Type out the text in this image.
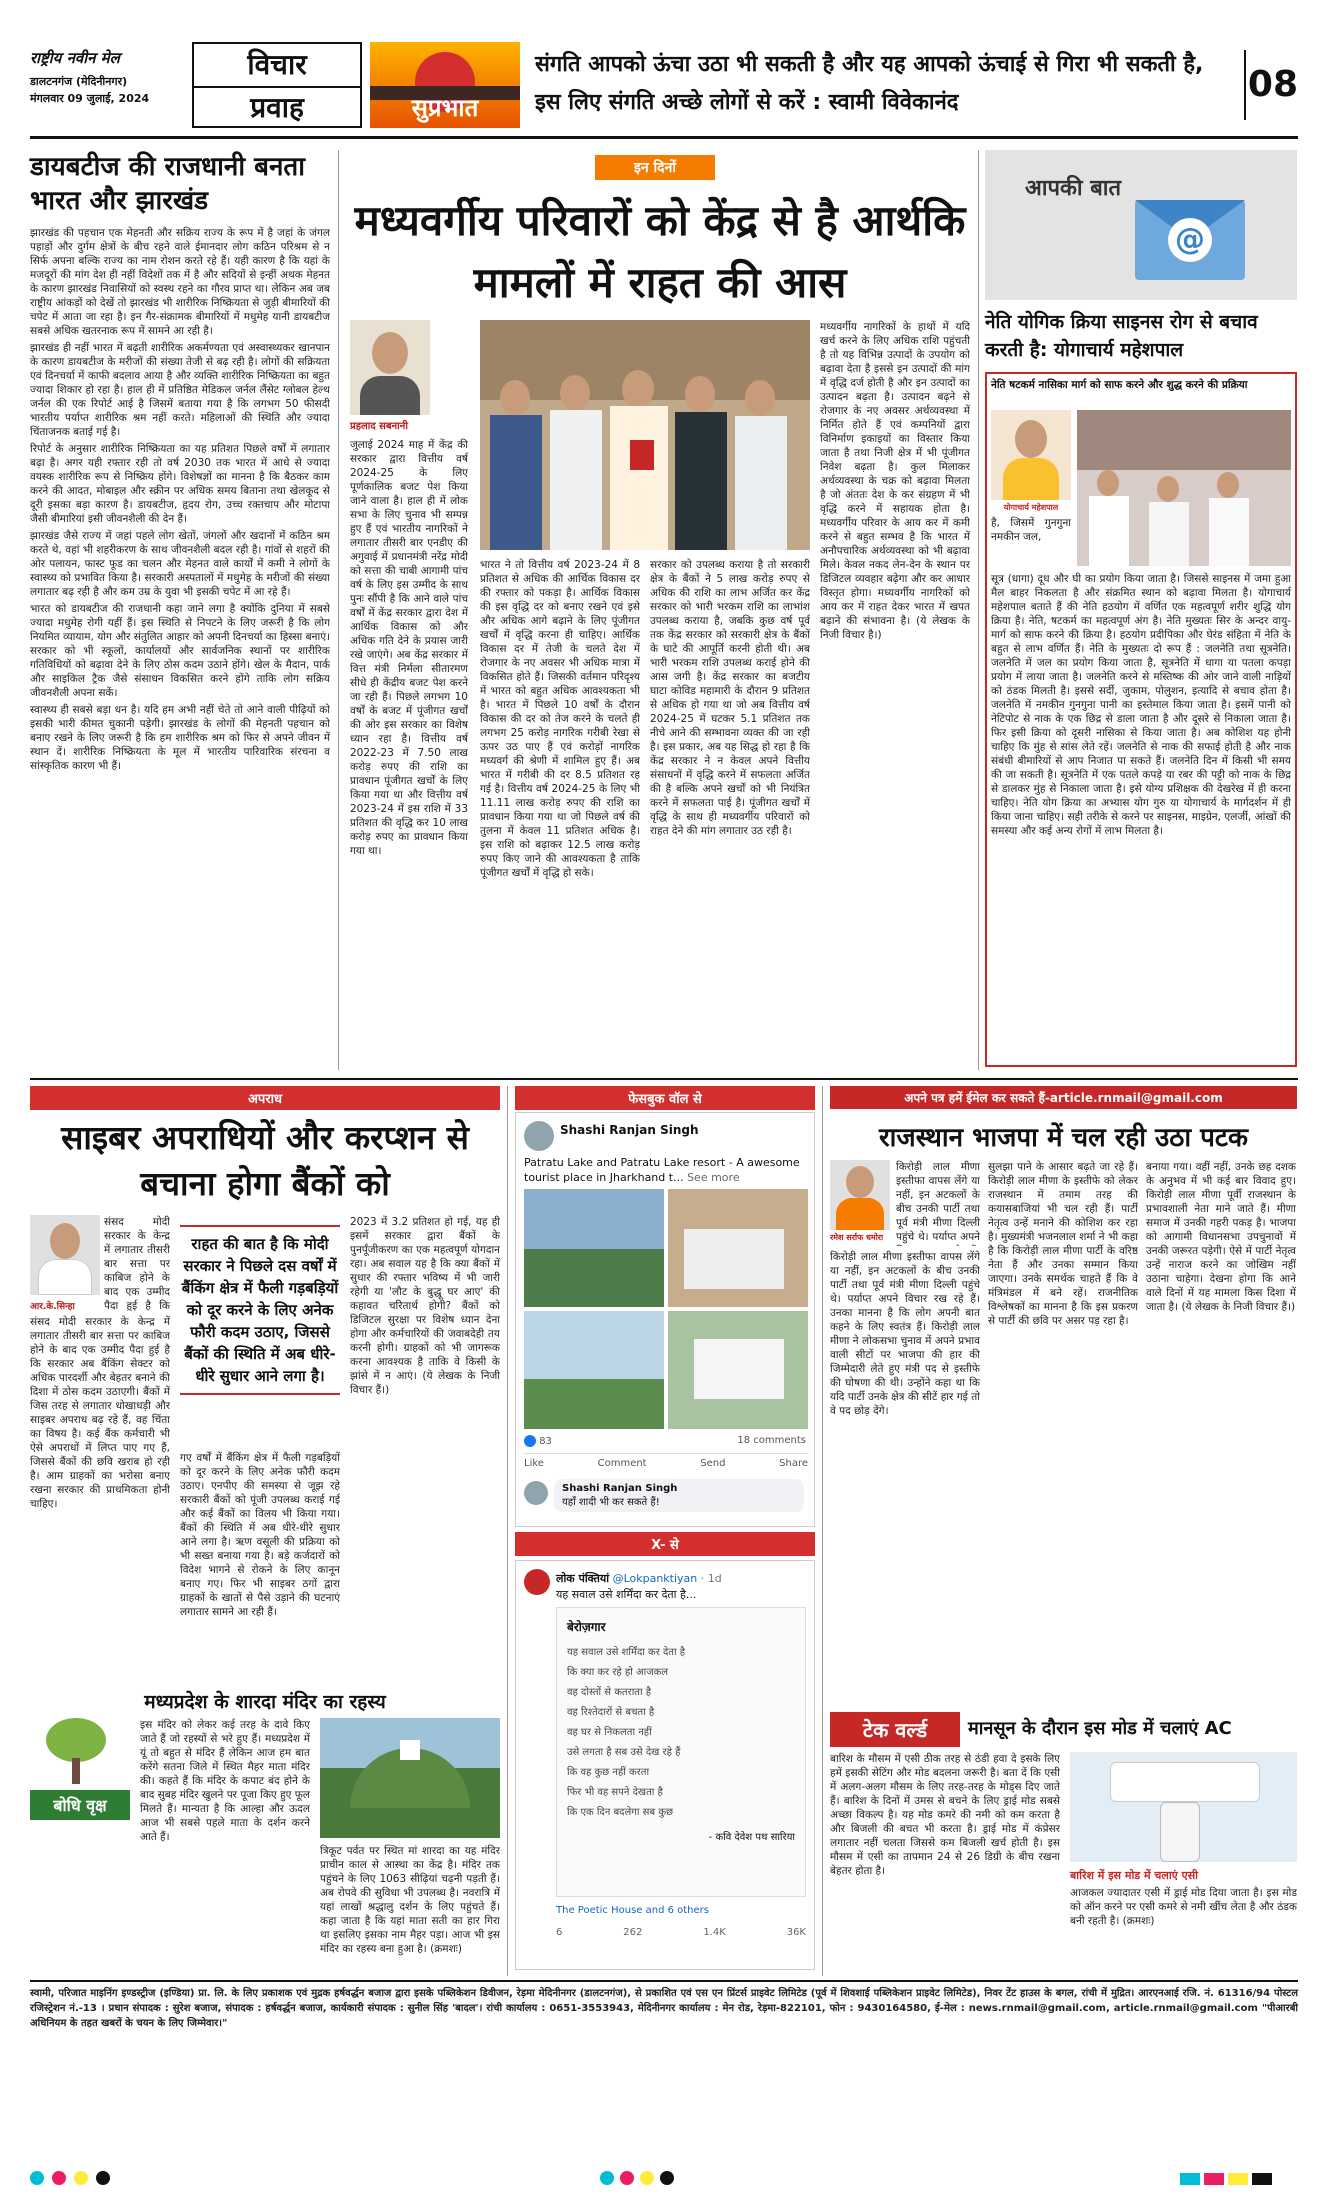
राष्ट्रीय नवीन मेल
डालटनगंज (मेदिनीनगर)
मंगलवार 09 जुलाई, 2024
विचार
प्रवाह	सुप्रभात
संगति आपको ऊंचा उठा भी सकती है और यह आपको ऊंचाई से गिरा भी सकती है, इस लिए संगति अच्छे लोगों से करें : स्वामी विवेकानंद	08
डायबटीज की राजधानी बनता भारत और झारखंड

झारखंड की पहचान एक मेहनती और सक्रिय राज्य के रूप में है जहां के जंगल पहाड़ों और दुर्गम क्षेत्रों के बीच रहने वाले ईमानदार लोग कठिन परिश्रम से न सिर्फ अपना बल्कि राज्य का नाम रोशन करते रहे हैं। यही कारण है कि यहां के मजदूरों की मांग देश ही नहीं विदेशों तक में है और सदियों से इन्हीं अथक मेहनत के कारण झारखंड निवासियों को स्वस्थ रहने का गौरव प्राप्त था। लेकिन अब जब राष्ट्रीय आंकड़ों को देखें तो झारखंड भी शारीरिक निष्क्रियता से जुड़ी बीमारियों की चपेट में आता जा रहा है। इन गैर-संक्रामक बीमारियों में मधुमेह यानी डायबटीज सबसे अधिक खतरनाक रूप में सामने आ रही है।

झारखंड ही नहीं भारत में बढ़ती शारीरिक अकर्मण्यता एवं अस्वास्थ्यकर खानपान के कारण डायबटीज के मरीजों की संख्या तेजी से बढ़ रही है। लोगों की सक्रियता एवं दिनचर्या में काफी बदलाव आया है और व्यक्ति शारीरिक निष्क्रियता का बहुत ज्यादा शिकार हो रहा है। हाल ही में प्रतिष्ठित मेडिकल जर्नल लैंसेट ग्लोबल हेल्थ जर्नल की एक रिपोर्ट आई है जिसमें बताया गया है कि लगभग 50 फीसदी भारतीय पर्याप्त शारीरिक श्रम नहीं करते। महिलाओं की स्थिति और ज्यादा चिंताजनक बताई गई है।

रिपोर्ट के अनुसार शारीरिक निष्क्रियता का यह प्रतिशत पिछले वर्षों में लगातार बढ़ा है। अगर यही रफ्तार रही तो वर्ष 2030 तक भारत में आधे से ज्यादा वयस्क शारीरिक रूप से निष्क्रिय होंगे। विशेषज्ञों का मानना है कि बैठकर काम करने की आदत, मोबाइल और स्क्रीन पर अधिक समय बिताना तथा खेलकूद से दूरी इसका बड़ा कारण है। डायबटीज, हृदय रोग, उच्च रक्तचाप और मोटापा जैसी बीमारियां इसी जीवनशैली की देन हैं।

झारखंड जैसे राज्य में जहां पहले लोग खेतों, जंगलों और खदानों में कठिन श्रम करते थे, वहां भी शहरीकरण के साथ जीवनशैली बदल रही है। गांवों से शहरों की ओर पलायन, फास्ट फूड का चलन और मेहनत वाले कार्यों में कमी ने लोगों के स्वास्थ्य को प्रभावित किया है। सरकारी अस्पतालों में मधुमेह के मरीजों की संख्या लगातार बढ़ रही है और कम उम्र के युवा भी इसकी चपेट में आ रहे हैं।

भारत को डायबटीज की राजधानी कहा जाने लगा है क्योंकि दुनिया में सबसे ज्यादा मधुमेह रोगी यहीं हैं। इस स्थिति से निपटने के लिए जरूरी है कि लोग नियमित व्यायाम, योग और संतुलित आहार को अपनी दिनचर्या का हिस्सा बनाएं। सरकार को भी स्कूलों, कार्यालयों और सार्वजनिक स्थानों पर शारीरिक गतिविधियों को बढ़ावा देने के लिए ठोस कदम उठाने होंगे। खेल के मैदान, पार्क और साइकिल ट्रैक जैसे संसाधन विकसित करने होंगे ताकि लोग सक्रिय जीवनशैली अपना सकें।

स्वास्थ्य ही सबसे बड़ा धन है। यदि हम अभी नहीं चेते तो आने वाली पीढ़ियों को इसकी भारी कीमत चुकानी पड़ेगी। झारखंड के लोगों की मेहनती पहचान को बनाए रखने के लिए जरूरी है कि हम शारीरिक श्रम को फिर से अपने जीवन में स्थान दें। शारीरिक निष्क्रियता के मूल में भारतीय पारिवारिक संरचना व सांस्कृतिक कारण भी हैं।

इन दिनों
मध्यवर्गीय परिवारों को केंद्र से है आर्थकि मामलों में राहत की आस
प्रहलाद सबनानी
जुलाई 2024 माह में केंद्र की सरकार द्वारा वित्तीय वर्ष 2024-25 के लिए पूर्णकालिक बजट पेश किया जाने वाला है। हाल ही में लोक सभा के लिए चुनाव भी सम्पन्न हुए हैं एवं भारतीय नागरिकों ने लगातार तीसरी बार एनडीए की अगुवाई में प्रधानमंत्री नरेंद्र मोदी को सत्ता की चाबी आगामी पांच वर्ष के लिए इस उम्मीद के साथ पुनः सौंपी है कि आने वाले पांच वर्षों में केंद्र सरकार द्वारा देश में आर्थिक विकास को और अधिक गति देने के प्रयास जारी रखे जाएंगे। अब केंद्र सरकार में वित्त मंत्री निर्मला सीतारमण सीधे ही केंद्रीय बजट पेश करने जा रही हैं। पिछले लगभग 10 वर्षों के बजट में पूंजीगत खर्चों की ओर इस सरकार का विशेष ध्यान रहा है। वित्तीय वर्ष 2022-23 में 7.50 लाख करोड़ रुपए की राशि का प्रावधान पूंजीगत खर्चों के लिए किया गया था और वित्तीय वर्ष 2023-24 में इस राशि में 33 प्रतिशत की वृद्धि कर 10 लाख करोड़ रुपए का प्रावधान किया गया था।
भारत ने तो वित्तीय वर्ष 2023-24 में 8 प्रतिशत से अधिक की आर्थिक विकास दर की रफ्तार को पकड़ा है। आर्थिक विकास की इस वृद्धि दर को बनाए रखने एवं इसे और अधिक आगे बढ़ाने के लिए पूंजीगत खर्चों में वृद्धि करना ही चाहिए। आर्थिक विकास दर में तेजी के चलते देश में रोजगार के नए अवसर भी अधिक मात्रा में विकसित होते हैं। जिसकी वर्तमान परिदृश्य में भारत को बहुत अधिक आवश्यकता भी है। भारत में पिछले 10 वर्षों के दौरान विकास की दर को तेज करने के चलते ही लगभग 25 करोड़ नागरिक गरीबी रेखा से ऊपर उठ पाए हैं एवं करोड़ों नागरिक मध्यवर्ग की श्रेणी में शामिल हुए हैं। अब भारत में गरीबी की दर 8.5 प्रतिशत रह गई है। वित्तीय वर्ष 2024-25 के लिए भी 11.11 लाख करोड़ रुपए की राशि का प्रावधान किया गया था जो पिछले वर्ष की तुलना में केवल 11 प्रतिशत अधिक है। इस राशि को बढ़ाकर 12.5 लाख करोड़ रुपए किए जाने की आवश्यकता है ताकि पूंजीगत खर्चों में वृद्धि हो सके।
सरकार को उपलब्ध कराया है तो सरकारी क्षेत्र के बैंकों ने 5 लाख करोड़ रुपए से अधिक की राशि का लाभ अर्जित कर केंद्र सरकार को भारी भरकम राशि का लाभांश उपलब्ध कराया है, जबकि कुछ वर्ष पूर्व तक केंद्र सरकार को सरकारी क्षेत्र के बैंकों के घाटे की आपूर्ति करनी होती थी। अब भारी भरकम राशि उपलब्ध कराई होने की आस जगी है। केंद्र सरकार का बजटीय घाटा कोविड महामारी के दौरान 9 प्रतिशत से अधिक हो गया था जो अब वित्तीय वर्ष 2024-25 में घटकर 5.1 प्रतिशत तक नीचे आने की सम्भावना व्यक्त की जा रही है। इस प्रकार, अब यह सिद्ध हो रहा है कि केंद्र सरकार ने न केवल अपने वित्तीय संसाधनों में वृद्धि करने में सफलता अर्जित की है बल्कि अपने खर्चों को भी नियंत्रित करने में सफलता पाई है। पूंजीगत खर्चों में वृद्धि के साथ ही मध्यवर्गीय परिवारों को राहत देने की मांग लगातार उठ रही है।
मध्यवर्गीय नागरिकों के हाथों में यदि खर्च करने के लिए अधिक राशि पहुंचती है तो यह विभिन्न उत्पादों के उपयोग को बढ़ावा देता है इससे इन उत्पादों की मांग में वृद्धि दर्ज होती है और इन उत्पादों का उत्पादन बढ़ता है। उत्पादन बढ़ने से रोजगार के नए अवसर अर्थव्यवस्था में निर्मित होते हैं एवं कम्पनियों द्वारा विनिर्माण इकाइयों का विस्तार किया जाता है तथा निजी क्षेत्र में भी पूंजीगत निवेश बढ़ता है। कुल मिलाकर अर्थव्यवस्था के चक्र को बढ़ावा मिलता है जो अंततः देश के कर संग्रहण में भी वृद्धि करने में सहायक होता है। मध्यवर्गीय परिवार के आय कर में कमी करने से बहुत सम्भव है कि भारत में अनौपचारिक अर्थव्यवस्था को भी बढ़ावा मिले। केवल नकद लेन-देन के स्थान पर डिजिटल व्यवहार बढ़ेगा और कर आधार विस्तृत होगा। मध्यवर्गीय नागरिकों को आय कर में राहत देकर भारत में खपत बढ़ाने की संभावना है। (ये लेखक के निजी विचार है।)
आपकी बात
@
नेति योगिक क्रिया साइनस रोग से बचाव करती है: योगाचार्य महेशपाल
नेति षटकर्म नासिका मार्ग को साफ करने और शुद्ध करने की प्रक्रिया
योगाचार्य महेशपाल
है, जिसमें गुनगुना नमकीन जल,
सूत्र (धागा) दूध और घी का प्रयोग किया जाता है। जिससे साइनस में जमा हुआ मैल बाहर निकलता है और संक्रमित स्थान को बढ़ावा मिलता है। योगाचार्य महेशपाल बताते हैं की नेति हठयोग में वर्णित एक महत्वपूर्ण शरीर शुद्धि योग क्रिया है। नेति, षटकर्म का महत्वपूर्ण अंग है। नेति मुख्यतः सिर के अन्दर वायु-मार्ग को साफ करने की क्रिया है। हठयोग प्रदीपिका और घेरंड संहिता में नेति के बहुत से लाभ वर्णित हैं। नेति के मुख्यतः दो रूप हैं : जलनेति तथा सूत्रनेति। जलनेति में जल का प्रयोग किया जाता है, सूत्रनेति में धागा या पतला कपड़ा प्रयोग में लाया जाता है। जलनेति करने से मस्तिष्क की ओर जाने वाली नाड़ियों को ठंडक मिलती है। इससे सर्दी, जुकाम, पोलुशन, इत्यादि से बचाव होता है। जलनेति में नमकीन गुनगुना पानी का इस्तेमाल किया जाता है। इसमें पानी को नेटिपोट से नाक के एक छिद्र से डाला जाता है और दूसरे से निकाला जाता है। फिर इसी क्रिया को दूसरी नासिका से किया जाता है। अब कोशिश यह होनी चाहिए कि मुंह से सांस लेते रहें। जलनेति से नाक की सफाई होती है और नाक संबंधी बीमारियों से आप निजात पा सकते हैं। जलनेति दिन में किसी भी समय की जा सकती है। सूत्रनेति में एक पतले कपड़े या रबर की पट्टी को नाक के छिद्र से डालकर मुंह से निकाला जाता है। इसे योग्य प्रशिक्षक की देखरेख में ही करना चाहिए। नेति योग क्रिया का अभ्यास योग गुरु या योगाचार्य के मार्गदर्शन में ही किया जाना चाहिए। सही तरीके से करने पर साइनस, माइग्रेन, एलर्जी, आंखों की समस्या और कई अन्य रोगों में लाभ मिलता है।
अपराध
साइबर अपराधियों और करप्शन से बचाना होगा बैंकों को
आर.के.सिन्हा
संसद मोदी सरकार के केन्द्र में लगातार तीसरी बार सत्ता पर काबिज होने के बाद एक उम्मीद पैदा हुई है कि सरकार अब बैंकिंग सेक्टर को अधिक पारदर्शी और बेहतर बनाने की दिशा में ठोस कदम उठाएगी। बैंकों में जिस तरह से लगातार धोखाधड़ी और साइबर अपराध बढ़ रहे हैं, वह चिंता का विषय है। कई बैंक कर्मचारी भी ऐसे अपराधों में लिप्त पाए गए हैं, जिससे बैंकों की छवि खराब हो रही है। आम ग्राहकों का भरोसा बनाए रखना सरकार की प्राथमिकता होनी चाहिए।
संसद मोदी सरकार के केन्द्र में लगातार तीसरी बार सत्ता पर काबिज होने के बाद एक उम्मीद पैदा हुई है कि
राहत की बात है कि मोदी सरकार ने पिछले दस वर्षों में बैंकिंग क्षेत्र में फैली गड़बड़ियों को दूर करने के लिए अनेक फौरी कदम उठाए, जिससे बैंकों की स्थिति में अब धीरे-धीरे सुधार आने लगा है।
गए वर्षों में बैंकिंग क्षेत्र में फैली गड़बड़ियों को दूर करने के लिए अनेक फौरी कदम उठाए। एनपीए की समस्या से जूझ रहे सरकारी बैंकों को पूंजी उपलब्ध कराई गई और कई बैंकों का विलय भी किया गया। बैंकों की स्थिति में अब धीरे-धीरे सुधार आने लगा है। ऋण वसूली की प्रक्रिया को भी सख्त बनाया गया है। बड़े कर्जदारों को विदेश भागने से रोकने के लिए कानून बनाए गए। फिर भी साइबर ठगों द्वारा ग्राहकों के खातों से पैसे उड़ाने की घटनाएं लगातार सामने आ रही हैं।
2023 में 3.2 प्रतिशत हो गई, यह ही इसमें सरकार द्वारा बैंकों के पुनर्पूंजीकरण का एक महत्वपूर्ण योगदान रहा। अब सवाल यह है कि क्या बैंकों में सुधार की रफ्तार भविष्य में भी जारी रहेगी या 'लौट के बुद्धू घर आए' की कहावत चरितार्थ होगी? बैंकों को डिजिटल सुरक्षा पर विशेष ध्यान देना होगा और कर्मचारियों की जवाबदेही तय करनी होगी। ग्राहकों को भी जागरूक करना आवश्यक है ताकि वे किसी के झांसे में न आएं। (ये लेखक के निजी विचार हैं।)
मध्यप्रदेश के शारदा मंदिर का रहस्य
बोधि वृक्ष
इस मंदिर को लेकर कई तरह के दावे किए जाते हैं जो रहस्यों से भरे हुए हैं। मध्यप्रदेश में यूं तो बहुत से मंदिर हैं लेकिन आज हम बात करेंगे सतना जिले में स्थित मैहर माता मंदिर की। कहते हैं कि मंदिर के कपाट बंद होने के बाद सुबह मंदिर खुलने पर पूजा किए हुए फूल मिलते हैं। मान्यता है कि आल्हा और ऊदल आज भी सबसे पहले माता के दर्शन करने आते हैं।
त्रिकूट पर्वत पर स्थित मां शारदा का यह मंदिर प्राचीन काल से आस्था का केंद्र है। मंदिर तक पहुंचने के लिए 1063 सीढ़ियां चढ़नी पड़ती हैं। अब रोपवे की सुविधा भी उपलब्ध है। नवरात्रि में यहां लाखों श्रद्धालु दर्शन के लिए पहुंचते हैं। कहा जाता है कि यहां माता सती का हार गिरा था इसलिए इसका नाम मैहर पड़ा। आज भी इस मंदिर का रहस्य बना हुआ है। (क्रमशः)
फेसबुक वॉल से
Shashi Ranjan Singh
Patratu Lake and Patratu Lake resort - A awesome tourist place in Jharkhand t... See more
83	18 comments
Like	Comment	Send	Share
Shashi Ranjan Singh
यहाँ शादी भी कर सकते हैं!
X- से
लोक पंक्तियां @Lokpanktiyan · 1d
यह सवाल उसे शर्मिंदा कर देता है...
बेरोज़गार
यह सवाल उसे शर्मिंदा कर देता है
कि क्या कर रहे हो आजकल
वह दोस्तों से कतराता है
वह रिश्तेदारों से बचता है
वह घर से निकलता नहीं
उसे लगता है सब उसे देख रहे हैं
कि वह कुछ नहीं करता
फिर भी वह सपने देखता है
कि एक दिन बदलेगा सब कुछ
- कवि देवेश पथ सारिया
The Poetic House and 6 others
6	262	1.4K	36K
अपने पत्र हमें ईमेल कर सकते हैं-article.rnmail@gmail.com
राजस्थान भाजपा में चल रही उठा पटक
रमेश सर्राफ धमोरा
किरोड़ी लाल मीणा इस्तीफा वापस लेंगे या नहीं, इन अटकलों के बीच उनकी पार्टी तथा पूर्व मंत्री मीणा दिल्ली पहुंचे थे। पर्याप्त अपने विचार रख रहे हैं। उनका मानना है कि लोग अपनी बात कहने के लिए स्वतंत्र हैं। किरोड़ी लाल मीणा ने लोकसभा चुनाव में अपने प्रभाव वाली सीटों पर भाजपा की हार की जिम्मेदारी लेते हुए मंत्री पद से इस्तीफे की घोषणा की थी। उन्होंने कहा था कि यदि पार्टी उनके क्षेत्र की सीटें हार गई तो वे पद छोड़ देंगे।
किरोड़ी लाल मीणा इस्तीफा वापस लेंगे या नहीं, इन अटकलों के बीच उनकी पार्टी तथा पूर्व मंत्री मीणा दिल्ली पहुंचे थे। पर्याप्त अपने
सुलझा पाने के आसार बढ़ते जा रहे हैं। किरोड़ी लाल मीणा के इस्तीफे को लेकर राजस्थान में तमाम तरह की कयासबाजियां भी चल रही हैं। पार्टी नेतृत्व उन्हें मनाने की कोशिश कर रहा है। मुख्यमंत्री भजनलाल शर्मा ने भी कहा है कि किरोड़ी लाल मीणा पार्टी के वरिष्ठ नेता हैं और उनका सम्मान किया जाएगा। उनके समर्थक चाहते हैं कि वे मंत्रिमंडल में बने रहें। राजनीतिक विश्लेषकों का मानना है कि इस प्रकरण से पार्टी की छवि पर असर पड़ रहा है।
बनाया गया। वहीं नहीं, उनके छह दशक के अनुभव में भी कई बार विवाद हुए। किरोड़ी लाल मीणा पूर्वी राजस्थान के प्रभावशाली नेता माने जाते हैं। मीणा समाज में उनकी गहरी पकड़ है। भाजपा को आगामी विधानसभा उपचुनावों में उनकी जरूरत पड़ेगी। ऐसे में पार्टी नेतृत्व उन्हें नाराज करने का जोखिम नहीं उठाना चाहेगा। देखना होगा कि आने वाले दिनों में यह मामला किस दिशा में जाता है। (ये लेखक के निजी विचार हैं।)
टेक वर्ल्ड	मानसून के दौरान इस मोड में चलाएं AC
बारिश के मौसम में एसी ठीक तरह से ठंडी हवा दे इसके लिए हमें इसकी सेटिंग और मोड बदलना जरूरी है। बता दें कि एसी में अलग-अलग मौसम के लिए तरह-तरह के मोड्स दिए जाते हैं। बारिश के दिनों में उमस से बचने के लिए ड्राई मोड सबसे अच्छा विकल्प है। यह मोड कमरे की नमी को कम करता है और बिजली की बचत भी करता है। ड्राई मोड में कंप्रेसर लगातार नहीं चलता जिससे कम बिजली खर्च होती है। इस मौसम में एसी का तापमान 24 से 26 डिग्री के बीच रखना बेहतर होता है।	बारिश में इस मोड में चलाएं एसी
आजकल ज्यादातर एसी में ड्राई मोड दिया जाता है। इस मोड को ऑन करने पर एसी कमरे से नमी खींच लेता है और ठंडक बनी रहती है। (क्रमशः)
स्वामी, परिजात माइनिंग इण्डस्ट्रीज (इण्डिया) प्रा. लि. के लिए प्रकाशक एवं मुद्रक हर्षवर्द्धन बजाज द्वारा इसके पब्लिकेशन डिवीजन, रेड़मा मेदिनीनगर (डालटनगंज), से प्रकाशित एवं एस एन प्रिंटर्स प्राइवेट लिमिटेड (पूर्व में शिवशाई पब्लिकेशन प्राइवेट लिमिटेड), निवर टेंट हाउस के बगल, रांची में मुद्रित। आरएनआई रजि. नं. 61316/94 पोस्टल रजिस्ट्रेशन नं.-13 । प्रधान संपादक : सुरेश बजाज, संपादक : हर्षवर्द्धन बजाज, कार्यकारी संपादक : सुनील सिंह 'बादल'। रांची कार्यालय : 0651-3553943, मेदिनीनगर कार्यालय : मेन रोड, रेड़मा-822101, फोन : 9430164580, ई-मेल : news.rnmail@gmail.com, article.rnmail@gmail.com "पीआरबी अधिनियम के तहत खबरों के चयन के लिए जिम्मेवार।"
